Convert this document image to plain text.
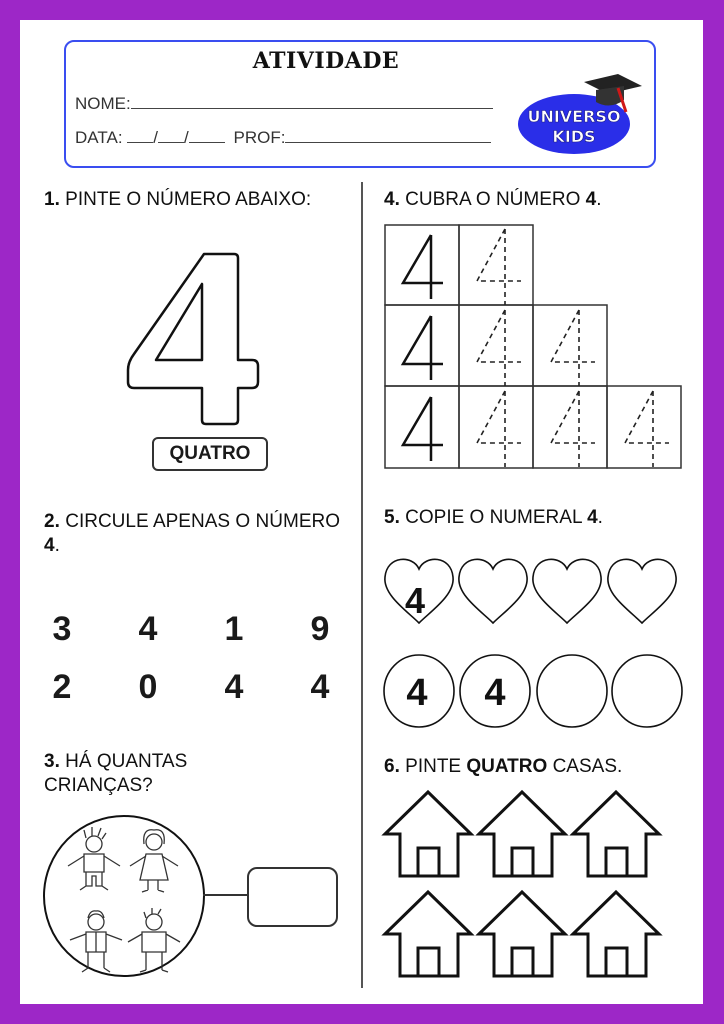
ATIVIDADE
NOME:
DATA: / /	PROF:
UNIVERSO
KIDS
1. PINTE O NÚMERO ABAIXO:
QUATRO
2. CIRCULE APENAS O NÚMERO 4.
3	4	1	9
2	0	4	4
3. HÁ QUANTAS CRIANÇAS?
4. CUBRA O NÚMERO 4.
5. COPIE O NUMERAL 4.
4
4 4
6. PINTE QUATRO CASAS.
